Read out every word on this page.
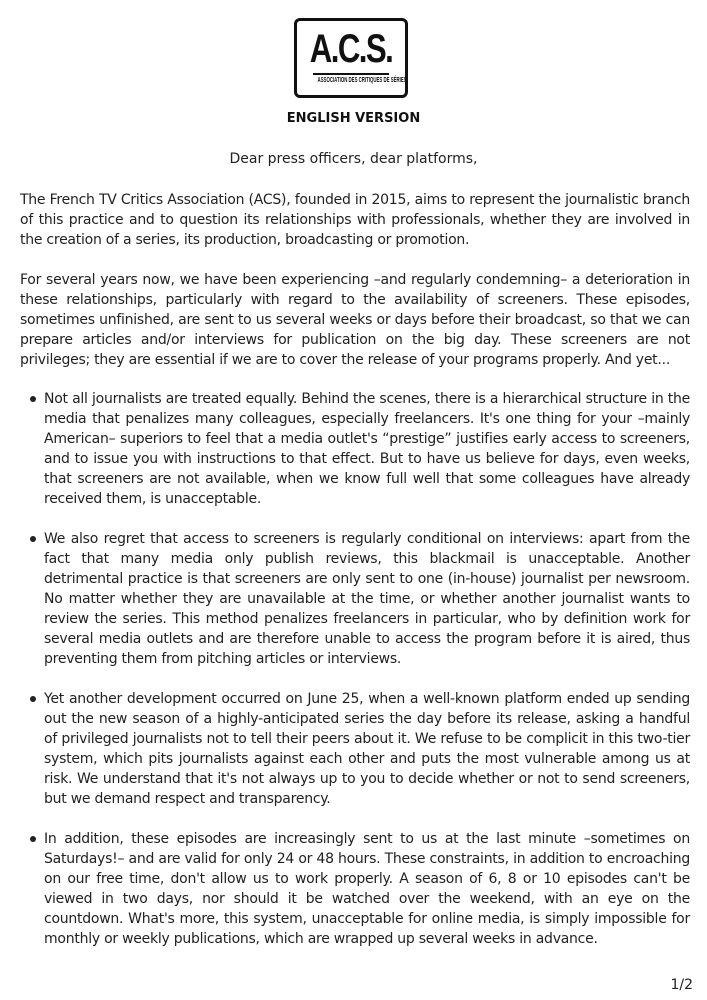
A.C.S.
ASSOCIATION DES CRITIQUES DE SÉRIES
ENGLISH VERSION
Dear press officers, dear platforms,

The French TV Critics Association (ACS), founded in 2015, aims to represent the journalistic branch of this practice and to question its relationships with professionals, whether they are involved in the creation of a series, its production, broadcasting or promotion.

For several years now, we have been experiencing –and regularly condemning– a deterioration in these relationships, particularly with regard to the availability of screeners. These episodes, sometimes unfinished, are sent to us several weeks or days before their broadcast, so that we can prepare articles and/or interviews for publication on the big day. These screeners are not privileges; they are essential if we are to cover the release of your programs properly. And yet...

Not all journalists are treated equally. Behind the scenes, there is a hierarchical structure in the media that penalizes many colleagues, especially freelancers. It's one thing for your –mainly American– superiors to feel that a media outlet's “prestige” justifies early access to screeners, and to issue you with instructions to that effect. But to have us believe for days, even weeks, that screeners are not available, when we know full well that some colleagues have already received them, is unacceptable.
We also regret that access to screeners is regularly conditional on interviews: apart from the fact that many media only publish reviews, this blackmail is unacceptable. Another detrimental practice is that screeners are only sent to one (in-house) journalist per newsroom. No matter whether they are unavailable at the time, or whether another journalist wants to review the series. This method penalizes freelancers in particular, who by definition work for several media outlets and are therefore unable to access the program before it is aired, thus preventing them from pitching articles or interviews.
Yet another development occurred on June 25, when a well-known platform ended up sending out the new season of a highly-anticipated series the day before its release, asking a handful of privileged journalists not to tell their peers about it. We refuse to be complicit in this two-tier system, which pits journalists against each other and puts the most vulnerable among us at risk. We understand that it's not always up to you to decide whether or not to send screeners, but we demand respect and transparency.
In addition, these episodes are increasingly sent to us at the last minute –sometimes on Saturdays!– and are valid for only 24 or 48 hours. These constraints, in addition to encroaching on our free time, don't allow us to work properly. A season of 6, 8 or 10 episodes can't be viewed in two days, nor should it be watched over the weekend, with an eye on the countdown. What's more, this system, unacceptable for online media, is simply impossible for monthly or weekly publications, which are wrapped up several weeks in advance.
1/2
